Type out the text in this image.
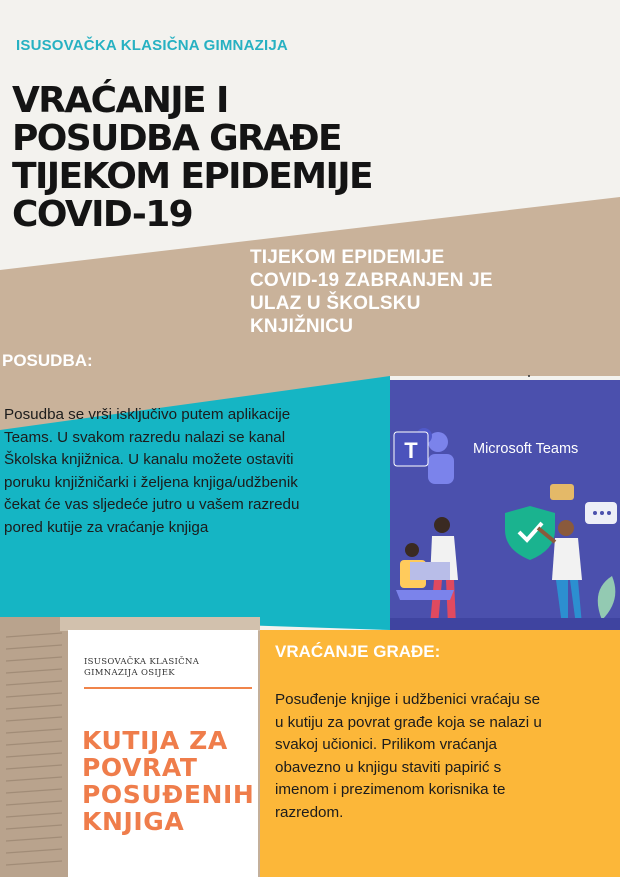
ISUSOVAČKA KLASIČNA GIMNAZIJA
VRAĆANJE I
POSUDBA GRAĐE
TIJEKOM EPIDEMIJE
COVID-19
TIJEKOM EPIDEMIJE
COVID-19 ZABRANJEN JE
ULAZ U ŠKOLSKU
KNJIŽNICU
POSUDBA:
Posudba se vrši isključivo putem aplikacije
Teams. U svakom razredu nalazi se kanal
Školska knjižnica. U kanalu možete ostaviti
poruku knjižničarki i željena knjiga/udžbenik
čekat će vas sljedeće jutro u vašem razredu
pored kutije za vraćanje knjiga
T	Microsoft Teams
VRAĆANJE GRAĐE:
Posuđenje knjige i udžbenici vraćaju se
u kutiju za povrat građe koja se nalazi u
svakoj učionici. Prilikom vraćanja
obavezno u knjigu staviti papirić s
imenom i prezimenom korisnika te
razredom.
ISUSOVAČKA KLASIČNA
GIMNAZIJA OSIJEK
KUTIJA ZA
POVRAT
POSUĐENIH
KNJIGA
